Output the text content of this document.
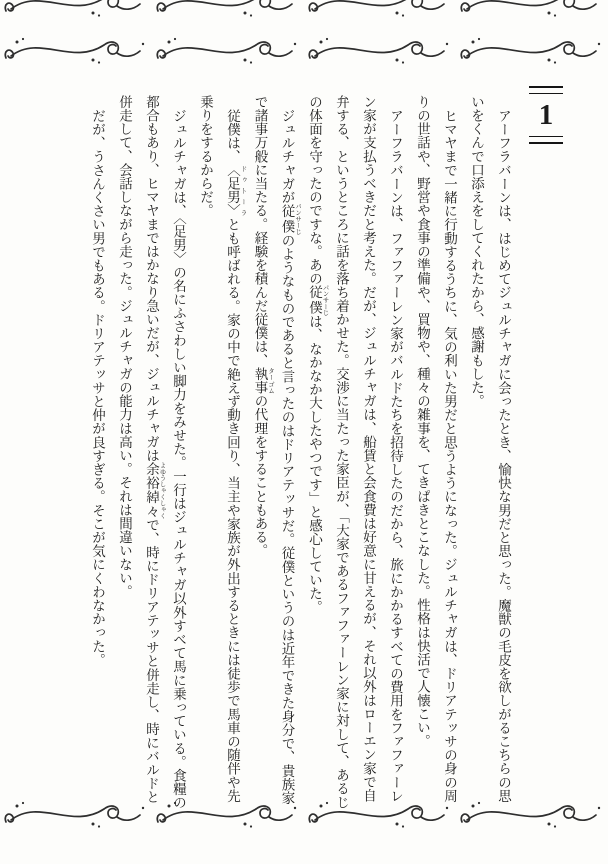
1

アーフラバーンは、はじめてジュルチャガに会ったとき、愉快な男だと思った。魔獣の毛皮を欲しがるこちらの思いをくんで口添えをしてくれたから、感謝もした。

ヒマヤまで一緒に行動するうちに、気の利いた男だと思うようになった。ジュルチャガは、ドリアテッサの身の周りの世話や、野営や食事の準備や、買物や、種々の雑事を、てきぱきとこなした。性格は快活で人懐こい。

アーフラバーンは、ファファーレン家がバルドたちを招待したのだから、旅にかかるすべての費用をファファーレン家が支払うべきだと考えた。だが、ジュルチャガは、船賃と会食費は好意に甘えるが、それ以外はローエン家で自弁する、というところに話を落ち着かせた。交渉に当たった家臣が、「大家であるファファーレン家に対して、あるじの体面を守ったのですな。あの従僕 パンサーじは、なかなか大したやつです」と感心していた。

ジュルチャガが従僕 パンサーじのようなものであると言ったのはドリアテッサだ。従僕というのは近年できた身分で、貴族家で諸事万般に当たる。経験を積んだ従僕は、執事 ターゴムの代理をすることもある。

従僕は、〈足男〉 ドゥトーラとも呼ばれる。家の中で絶えず動き回り、当主や家族が外出するときには徒歩で馬車の随伴や先乗りをするからだ。

ジュルチャガは、〈足男〉の名にふさわしい脚力をみせた。一行はジュルチャガ以外すべて馬に乗っている。食糧の都合もあり、ヒマヤまではかなり急いだが、ジュルチャガは余裕綽々 よゆうしゃくしゃくで、時にドリアテッサと併走し、時にバルドと併走して、会話しながら走った。ジュルチャガの能力は高い。それは間違いない。

だが、うさんくさい男でもある。ドリアテッサと仲が良すぎる。そこが気にくわなかった。
